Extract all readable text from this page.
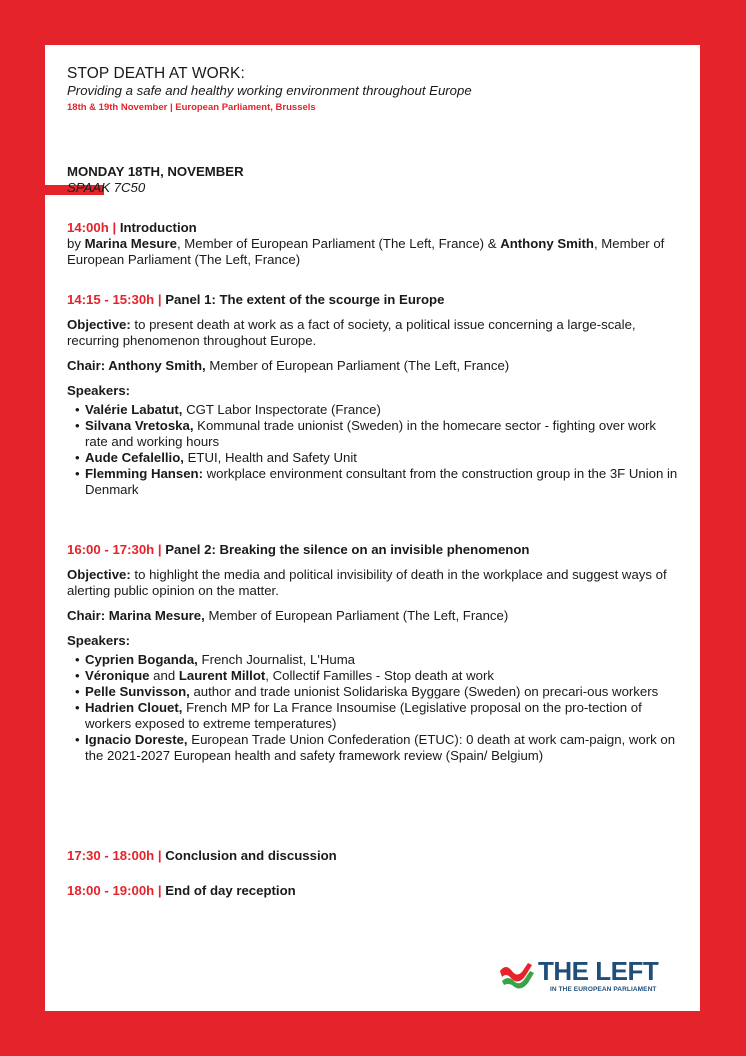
STOP DEATH AT WORK:

Providing a safe and healthy working environment throughout Europe

18th & 19th November | European Parliament, Brussels

MONDAY 18TH, NOVEMBER
SPAAK 7C50

14:00h | Introduction

by Marina Mesure, Member of European Parliament (The Left, France) & Anthony Smith, Member of European Parliament (The Left, France)

14:15 - 15:30h | Panel 1: The extent of the scourge in Europe

Objective: to present death at work as a fact of society, a political issue concerning a large-scale, recurring phenomenon throughout Europe.

Chair: Anthony Smith, Member of European Parliament (The Left, France)

Speakers:

• Valérie Labatut, CGT Labor Inspectorate (France)
• Silvana Vretoska, Kommunal trade unionist (Sweden) in the homecare sector - fighting over work rate and working hours
• Aude Cefalellio, ETUI, Health and Safety Unit
• Flemming Hansen: workplace environment consultant from the construction group in the 3F Union in Denmark

16:00 - 17:30h | Panel 2: Breaking the silence on an invisible phenomenon

Objective: to highlight the media and political invisibility of death in the workplace and suggest ways of alerting public opinion on the matter.

Chair: Marina Mesure, Member of European Parliament (The Left, France)

Speakers:

• Cyprien Boganda, French Journalist, L'Huma
• Véronique and Laurent Millot, Collectif Familles - Stop death at work
• Pelle Sunvisson, author and trade unionist Solidariska Byggare (Sweden) on precari-ous workers
• Hadrien Clouet, French MP for La France Insoumise (Legislative proposal on the pro-tection of workers exposed to extreme temperatures)
• Ignacio Doreste, European Trade Union Confederation (ETUC): 0 death at work cam-paign, work on the 2021-2027 European health and safety framework review (Spain/ Belgium)

17:30 - 18:00h | Conclusion and discussion

18:00 - 19:00h | End of day reception

THE LEFT
IN THE EUROPEAN PARLIAMENT
